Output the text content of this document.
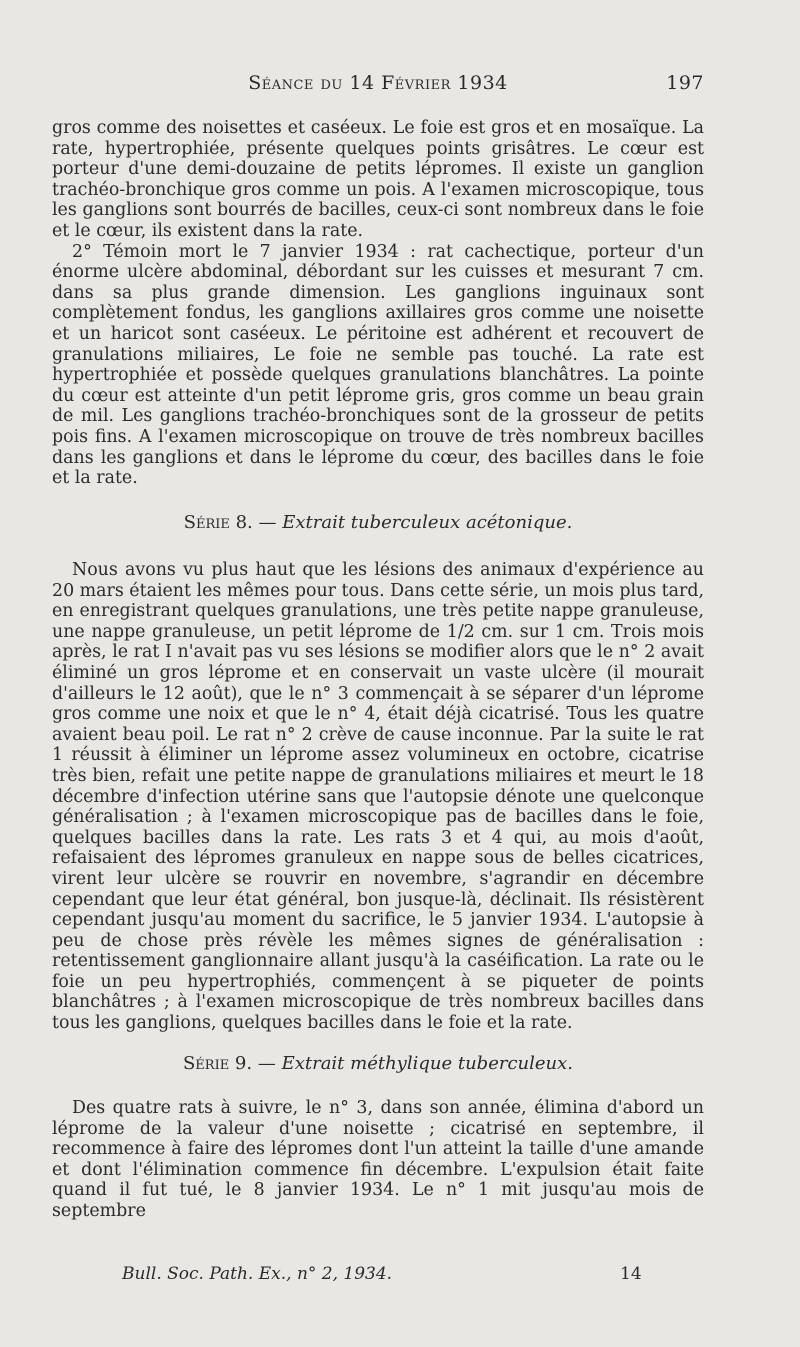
Séance du 14 Février 1934	197

gros comme des noisettes et caséeux. Le foie est gros et en mosaïque. La rate, hypertrophiée, présente quelques points grisâtres. Le cœur est porteur d'une demi-douzaine de petits lépromes. Il existe un ganglion trachéo-bronchique gros comme un pois. A l'examen microscopique, tous les ganglions sont bourrés de bacilles, ceux-ci sont nombreux dans le foie et le cœur, ils existent dans la rate.

2° Témoin mort le 7 janvier 1934 : rat cachectique, porteur d'un énorme ulcère abdominal, débordant sur les cuisses et mesurant 7 cm. dans sa plus grande dimension. Les ganglions inguinaux sont complètement fondus, les ganglions axillaires gros comme une noisette et un haricot sont caséeux. Le péritoine est adhérent et recouvert de granulations miliaires, Le foie ne semble pas touché. La rate est hypertrophiée et possède quelques granulations blanchâtres. La pointe du cœur est atteinte d'un petit léprome gris, gros comme un beau grain de mil. Les ganglions trachéo-bronchiques sont de la grosseur de petits pois fins. A l'examen microscopique on trouve de très nombreux bacilles dans les ganglions et dans le léprome du cœur, des bacilles dans le foie et la rate.

Série 8. — Extrait tuberculeux acétonique.

Nous avons vu plus haut que les lésions des animaux d'expérience au 20 mars étaient les mêmes pour tous. Dans cette série, un mois plus tard, en enregistrant quelques granulations, une très petite nappe granuleuse, une nappe granuleuse, un petit léprome de 1/2 cm. sur 1 cm. Trois mois après, le rat I n'avait pas vu ses lésions se modifier alors que le n° 2 avait éliminé un gros léprome et en conservait un vaste ulcère (il mourait d'ailleurs le 12 août), que le n° 3 commençait à se séparer d'un léprome gros comme une noix et que le n° 4, était déjà cicatrisé. Tous les quatre avaient beau poil. Le rat n° 2 crève de cause inconnue. Par la suite le rat 1 réussit à éliminer un léprome assez volumineux en octobre, cicatrise très bien, refait une petite nappe de granulations miliaires et meurt le 18 décembre d'infection utérine sans que l'autopsie dénote une quelconque généralisation ; à l'examen microscopique pas de bacilles dans le foie, quelques bacilles dans la rate. Les rats 3 et 4 qui, au mois d'août, refaisaient des lépromes granuleux en nappe sous de belles cicatrices, virent leur ulcère se rouvrir en novembre, s'agrandir en décembre cependant que leur état général, bon jusque-là, déclinait. Ils résistèrent cependant jusqu'au moment du sacrifice, le 5 janvier 1934. L'autopsie à peu de chose près révèle les mêmes signes de généralisation : retentissement ganglionnaire allant jusqu'à la caséification. La rate ou le foie un peu hypertrophiés, commençent à se piqueter de points blanchâtres ; à l'examen microscopique de très nombreux bacilles dans tous les ganglions, quelques bacilles dans le foie et la rate.

Série 9. — Extrait méthylique tuberculeux.

Des quatre rats à suivre, le n° 3, dans son année, élimina d'abord un léprome de la valeur d'une noisette ; cicatrisé en septembre, il recommence à faire des lépromes dont l'un atteint la taille d'une amande et dont l'élimination commence fin décembre. L'expulsion était faite quand il fut tué, le 8 janvier 1934. Le n° 1 mit jusqu'au mois de septembre

Bull. Soc. Path. Ex., n° 2, 1934.	14
